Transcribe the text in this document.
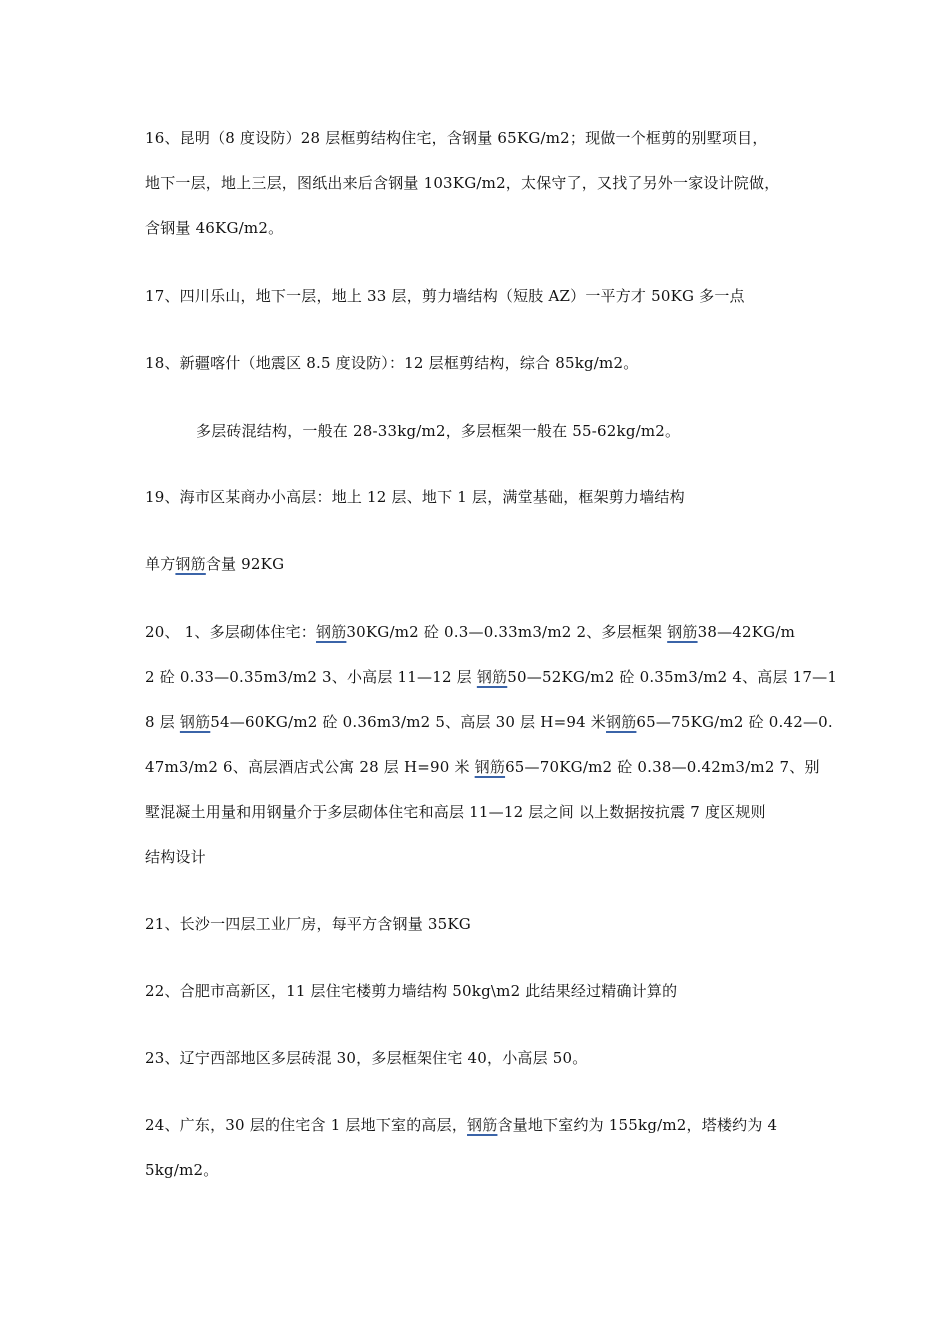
16、昆明（8 度设防）28 层框剪结构住宅，含钢量 65KG/m2；现做一个框剪的别墅项目，
地下一层，地上三层，图纸出来后含钢量 103KG/m2，太保守了，又找了另外一家设计院做，
含钢量 46KG/m2。
17、四川乐山，地下一层，地上 33 层，剪力墙结构（短肢 AZ）一平方才 50KG 多一点
18、新疆喀什（地震区 8.5 度设防）：12 层框剪结构，综合 85kg/m2。
多层砖混结构，一般在 28-33kg/m2，多层框架一般在 55-62kg/m2。
19、海市区某商办小高层：地上 12 层、地下 1 层，满堂基础，框架剪力墙结构
单方钢筋含量 92KG
20、 1、多层砌体住宅：钢筋30KG/m2 砼 0.3—0.33m3/m2 2、多层框架 钢筋38—42KG/m
2 砼 0.33—0.35m3/m2 3、小高层 11—12 层 钢筋50—52KG/m2 砼 0.35m3/m2 4、高层 17—1
8 层 钢筋54—60KG/m2 砼 0.36m3/m2 5、高层 30 层 H=94 米钢筋65—75KG/m2 砼 0.42—0.
47m3/m2 6、高层酒店式公寓 28 层 H=90 米 钢筋65—70KG/m2 砼 0.38—0.42m3/m2 7、别
墅混凝土用量和用钢量介于多层砌体住宅和高层 11—12 层之间 以上数据按抗震 7 度区规则
结构设计
21、长沙一四层工业厂房，每平方含钢量 35KG
22、合肥市高新区，11 层住宅楼剪力墙结构 50kg\m2 此结果经过精确计算的
23、辽宁西部地区多层砖混 30，多层框架住宅 40，小高层 50。
24、广东，30 层的住宅含 1 层地下室的高层，钢筋含量地下室约为 155kg/m2，塔楼约为 4
5kg/m2。
